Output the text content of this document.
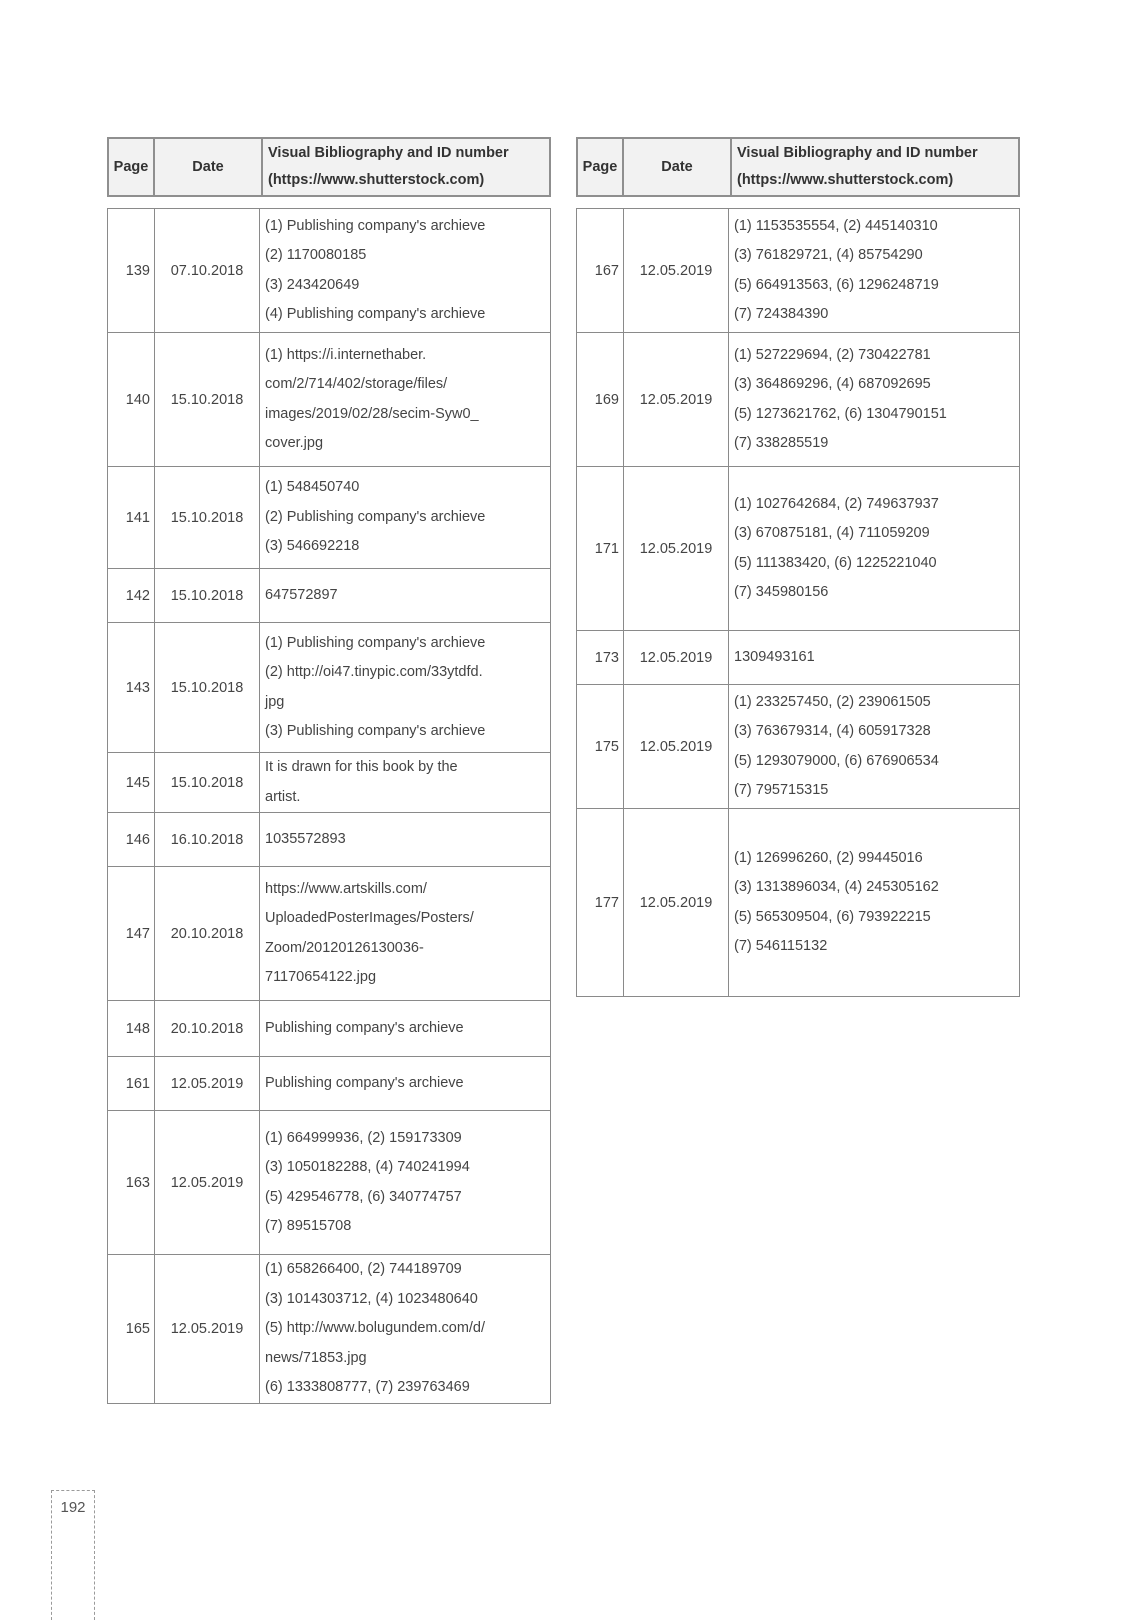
Page	Date	
Visual Bibliography and ID number
(https://www.shutterstock.com)
Page	Date	
Visual Bibliography and ID number
(https://www.shutterstock.com)
139	07.10.2018	(1) Publishing company's archieve
(2) 1170080185
(3) 243420649
(4) Publishing company's archieve

140	15.10.2018	(1) https://i.internethaber.
com/2/714/402/storage/files/
images/2019/02/28/secim-Syw0_
cover.jpg

141	15.10.2018	(1) 548450740
(2) Publishing company's archieve
(3) 546692218

142	15.10.2018	647572897

143	15.10.2018	(1) Publishing company's archieve
(2) http://oi47.tinypic.com/33ytdfd.
jpg
(3) Publishing company's archieve

145	15.10.2018	It is drawn for this book by the
artist.

146	16.10.2018	1035572893

147	20.10.2018	https://www.artskills.com/
UploadedPosterImages/Posters/
Zoom/20120126130036-
71170654122.jpg

148	20.10.2018	Publishing company's archieve

161	12.05.2019	Publishing company's archieve

163	12.05.2019	(1) 664999936, (2) 159173309
(3) 1050182288, (4) 740241994
(5) 429546778, (6) 340774757
(7) 89515708

165	12.05.2019	(1) 658266400, (2) 744189709
(3) 1014303712, (4) 1023480640
(5) http://www.bolugundem.com/d/
news/71853.jpg
(6) 1333808777, (7) 239763469
167	12.05.2019	(1) 1153535554, (2) 445140310
(3) 761829721, (4) 85754290
(5) 664913563, (6) 1296248719
(7) 724384390

169	12.05.2019	(1) 527229694, (2) 730422781
(3) 364869296, (4) 687092695
(5) 1273621762, (6) 1304790151
(7) 338285519

171	12.05.2019	(1) 1027642684, (2) 749637937
(3) 670875181, (4) 711059209
(5) 111383420, (6) 1225221040
(7) 345980156

173	12.05.2019	1309493161

175	12.05.2019	(1) 233257450, (2) 239061505
(3) 763679314, (4) 605917328
(5) 1293079000, (6) 676906534
(7) 795715315

177	12.05.2019	(1) 126996260, (2) 99445016
(3) 1313896034, (4) 245305162
(5) 565309504, (6) 793922215
(7) 546115132
192
